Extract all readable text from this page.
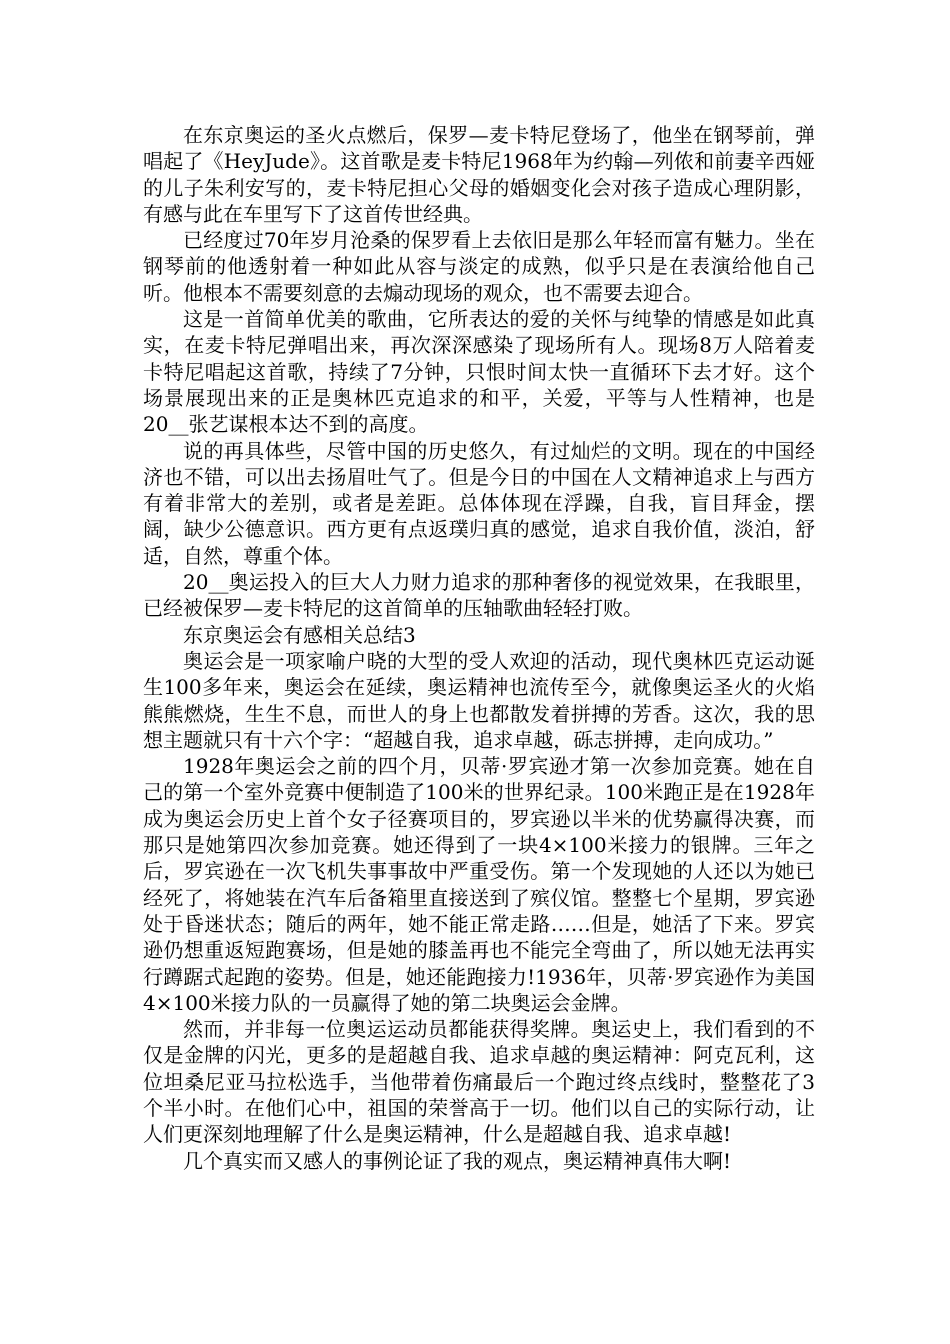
在东京奥运的圣火点燃后，保罗—麦卡特尼登场了，他坐在钢琴前，弹唱起了《HeyJude》。这首歌是麦卡特尼1968年为约翰—列侬和前妻辛西娅的儿子朱利安写的，麦卡特尼担心父母的婚姻变化会对孩子造成心理阴影，有感与此在车里写下了这首传世经典。

已经度过70年岁月沧桑的保罗看上去依旧是那么年轻而富有魅力。坐在钢琴前的他透射着一种如此从容与淡定的成熟，似乎只是在表演给他自己听。他根本不需要刻意的去煽动现场的观众，也不需要去迎合。

这是一首简单优美的歌曲，它所表达的爱的关怀与纯挚的情感是如此真实，在麦卡特尼弹唱出来，再次深深感染了现场所有人。现场8万人陪着麦卡特尼唱起这首歌，持续了7分钟，只恨时间太快一直循环下去才好。这个场景展现出来的正是奥林匹克追求的和平，关爱，平等与人性精神，也是20__张艺谋根本达不到的高度。

说的再具体些，尽管中国的历史悠久，有过灿烂的文明。现在的中国经济也不错，可以出去扬眉吐气了。但是今日的中国在人文精神追求上与西方有着非常大的差别，或者是差距。总体体现在浮躁，自我，盲目拜金，摆阔，缺少公德意识。西方更有点返璞归真的感觉，追求自我价值，淡泊，舒适，自然，尊重个体。

20__奥运投入的巨大人力财力追求的那种奢侈的视觉效果，在我眼里，已经被保罗—麦卡特尼的这首简单的压轴歌曲轻轻打败。

东京奥运会有感相关总结3

奥运会是一项家喻户晓的大型的受人欢迎的活动，现代奥林匹克运动诞生100多年来，奥运会在延续，奥运精神也流传至今，就像奥运圣火的火焰熊熊燃烧，生生不息，而世人的身上也都散发着拼搏的芳香。这次，我的思想主题就只有十六个字：“超越自我，追求卓越，砾志拼搏，走向成功。”

1928年奥运会之前的四个月，贝蒂·罗宾逊才第一次参加竞赛。她在自己的第一个室外竞赛中便制造了100米的世界纪录。100米跑正是在1928年成为奥运会历史上首个女子径赛项目的，罗宾逊以半米的优势赢得决赛，而那只是她第四次参加竞赛。她还得到了一块4×100米接力的银牌。三年之后，罗宾逊在一次飞机失事事故中严重受伤。第一个发现她的人还以为她已经死了，将她装在汽车后备箱里直接送到了殡仪馆。整整七个星期，罗宾逊处于昏迷状态；随后的两年，她不能正常走路……但是，她活了下来。罗宾逊仍想重返短跑赛场，但是她的膝盖再也不能完全弯曲了，所以她无法再实行蹲踞式起跑的姿势。但是，她还能跑接力!1936年，贝蒂·罗宾逊作为美国4×100米接力队的一员赢得了她的第二块奥运会金牌。

然而，并非每一位奥运运动员都能获得奖牌。奥运史上，我们看到的不仅是金牌的闪光，更多的是超越自我、追求卓越的奥运精神：阿克瓦利，这位坦桑尼亚马拉松选手，当他带着伤痛最后一个跑过终点线时，整整花了3个半小时。在他们心中，祖国的荣誉高于一切。他们以自己的实际行动，让人们更深刻地理解了什么是奥运精神，什么是超越自我、追求卓越!

几个真实而又感人的事例论证了我的观点，奥运精神真伟大啊!
